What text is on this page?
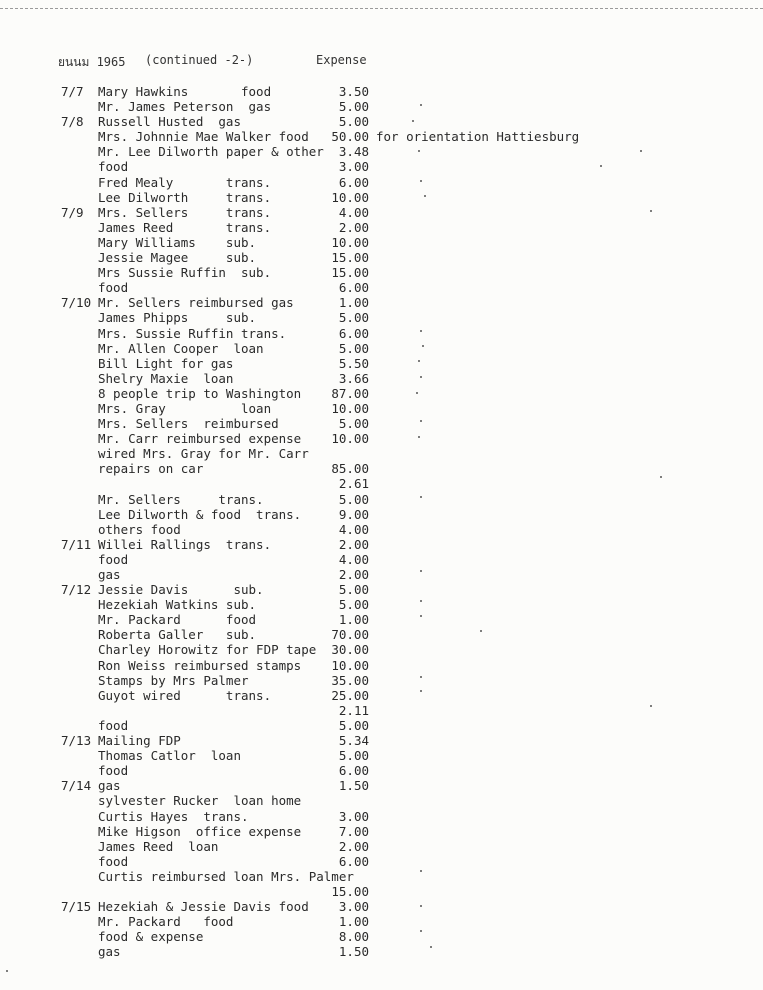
ยนนม 1965 (continued -2-)	Expense
7/7	Mary Hawkins       food	3.50
Mr. James Peterson  gas	5.00
7/8	Russell Husted  gas	5.00
Mrs. Johnnie Mae Walker food	50.00 for orientation Hattiesburg
Mr. Lee Dilworth paper & other	3.48
food	3.00
Fred Mealy       trans.	6.00
Lee Dilworth     trans.	10.00
7/9	Mrs. Sellers     trans.	4.00
James Reed       trans.	2.00
Mary Williams    sub.	10.00
Jessie Magee     sub.	15.00
Mrs Sussie Ruffin  sub.	15.00
food	6.00
7/10 Mr. Sellers reimbursed gas	1.00
James Phipps     sub.	5.00
Mrs. Sussie Ruffin trans.	6.00
Mr. Allen Cooper  loan	5.00
Bill Light for gas	5.50
Shelry Maxie  loan	3.66
8 people trip to Washington	87.00
Mrs. Gray          loan	10.00
Mrs. Sellers  reimbursed	5.00
Mr. Carr reimbursed expense	10.00
wired Mrs. Gray for Mr. Carr
repairs on car	85.00
2.61
Mr. Sellers     trans.	5.00
Lee Dilworth & food  trans.	9.00
others food	4.00
7/11 Willei Rallings  trans.	2.00
food	4.00
gas	2.00
7/12 Jessie Davis      sub.	5.00
Hezekiah Watkins sub.	5.00
Mr. Packard      food	1.00
Roberta Galler   sub.	70.00
Charley Horowitz for FDP tape	30.00
Ron Weiss reimbursed stamps	10.00
Stamps by Mrs Palmer	35.00
Guyot wired      trans.	25.00
2.11
food	5.00
7/13 Mailing FDP	5.34
Thomas Catlor  loan	5.00
food	6.00
7/14 gas	1.50
sylvester Rucker  loan home
Curtis Hayes  trans.	3.00
Mike Higson  office expense	7.00
James Reed  loan	2.00
food	6.00
Curtis reimbursed loan Mrs. Palmer
15.00
7/15 Hezekiah & Jessie Davis food	3.00
Mr. Packard   food	1.00
food & expense	8.00
gas	1.50
